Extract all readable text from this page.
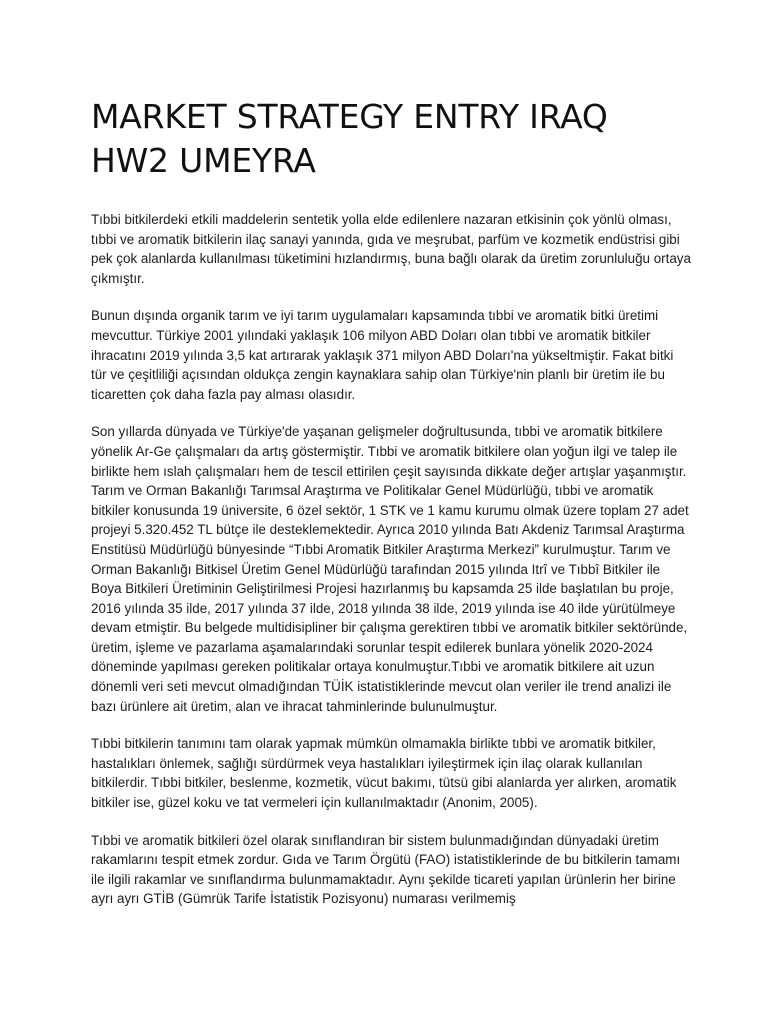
MARKET STRATEGY ENTRY IRAQ
HW2 UMEYRA

Tıbbi bitkilerdeki etkili maddelerin sentetik yolla elde edilenlere nazaran etkisinin çok yönlü olması, tıbbi ve aromatik bitkilerin ilaç sanayi yanında, gıda ve meşrubat, parfüm ve kozmetik endüstrisi gibi pek çok alanlarda kullanılması tüketimini hızlandırmış, buna bağlı olarak da üretim zorunluluğu ortaya çıkmıştır.

Bunun dışında organik tarım ve iyi tarım uygulamaları kapsamında tıbbi ve aromatik bitki üretimi mevcuttur. Türkiye 2001 yılındaki yaklaşık 106 milyon ABD Doları olan tıbbi ve aromatik bitkiler ihracatını 2019 yılında 3,5 kat artırarak yaklaşık 371 milyon ABD Doları'na yükseltmiştir. Fakat bitki tür ve çeşitliliği açısından oldukça zengin kaynaklara sahip olan Türkiye'nin planlı bir üretim ile bu ticaretten çok daha fazla pay alması olasıdır.

Son yıllarda dünyada ve Türkiye'de yaşanan gelişmeler doğrultusunda, tıbbi ve aromatik bitkilere yönelik Ar-Ge çalışmaları da artış göstermiştir. Tıbbi ve aromatik bitkilere olan yoğun ilgi ve talep ile birlikte hem ıslah çalışmaları hem de tescil ettirilen çeşit sayısında dikkate değer artışlar yaşanmıştır. Tarım ve Orman Bakanlığı Tarımsal Araştırma ve Politikalar Genel Müdürlüğü, tıbbi ve aromatik bitkiler konusunda 19 üniversite, 6 özel sektör, 1 STK ve 1 kamu kurumu olmak üzere toplam 27 adet projeyi 5.320.452 TL bütçe ile desteklemektedir. Ayrıca 2010 yılında Batı Akdeniz Tarımsal Araştırma Enstitüsü Müdürlüğü bünyesinde “Tıbbi Aromatik Bitkiler Araştırma Merkezi” kurulmuştur. Tarım ve Orman Bakanlığı Bitkisel Üretim Genel Müdürlüğü tarafından 2015 yılında Itrî ve Tıbbî Bitkiler ile Boya Bitkileri Üretiminin Geliştirilmesi Projesi hazırlanmış bu kapsamda 25 ilde başlatılan bu proje, 2016 yılında 35 ilde, 2017 yılında 37 ilde, 2018 yılında 38 ilde, 2019 yılında ise 40 ilde yürütülmeye devam etmiştir. Bu belgede multidisipliner bir çalışma gerektiren tıbbi ve aromatik bitkiler sektöründe, üretim, işleme ve pazarlama aşamalarındaki sorunlar tespit edilerek bunlara yönelik 2020-2024 döneminde yapılması gereken politikalar ortaya konulmuştur.Tıbbi ve aromatik bitkilere ait uzun dönemli veri seti mevcut olmadığından TÜİK istatistiklerinde mevcut olan veriler ile trend analizi ile bazı ürünlere ait üretim, alan ve ihracat tahminlerinde bulunulmuştur.

Tıbbi bitkilerin tanımını tam olarak yapmak mümkün olmamakla birlikte tıbbi ve aromatik bitkiler, hastalıkları önlemek, sağlığı sürdürmek veya hastalıkları iyileştirmek için ilaç olarak kullanılan bitkilerdir. Tıbbi bitkiler, beslenme, kozmetik, vücut bakımı, tütsü gibi alanlarda yer alırken, aromatik bitkiler ise, güzel koku ve tat vermeleri için kullanılmaktadır (Anonim, 2005).

Tıbbi ve aromatik bitkileri özel olarak sınıflandıran bir sistem bulunmadığından dünyadaki üretim rakamlarını tespit etmek zordur. Gıda ve Tarım Örgütü (FAO) istatistiklerinde de bu bitkilerin tamamı ile ilgili rakamlar ve sınıflandırma bulunmamaktadır. Aynı şekilde ticareti yapılan ürünlerin her birine ayrı ayrı GTİB (Gümrük Tarife İstatistik Pozisyonu) numarası verilmemiş
